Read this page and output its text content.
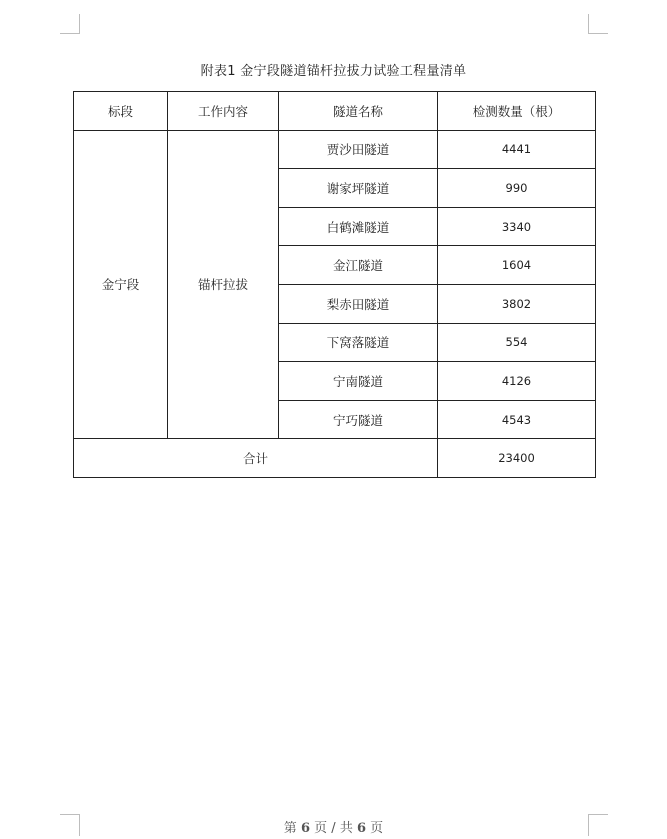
附表1 金宁段隧道锚杆拉拔力试验工程量清单
标段	工作内容	隧道名称	检测数量（根）
金宁段	锚杆拉拔	贾沙田隧道	4441
		谢家坪隧道	990
		白鹤滩隧道	3340
		金江隧道	1604
		梨赤田隧道	3802
		下窝落隧道	554
		宁南隧道	4126
		宁巧隧道	4543
合计			23400
第 6 页 / 共 6 页
